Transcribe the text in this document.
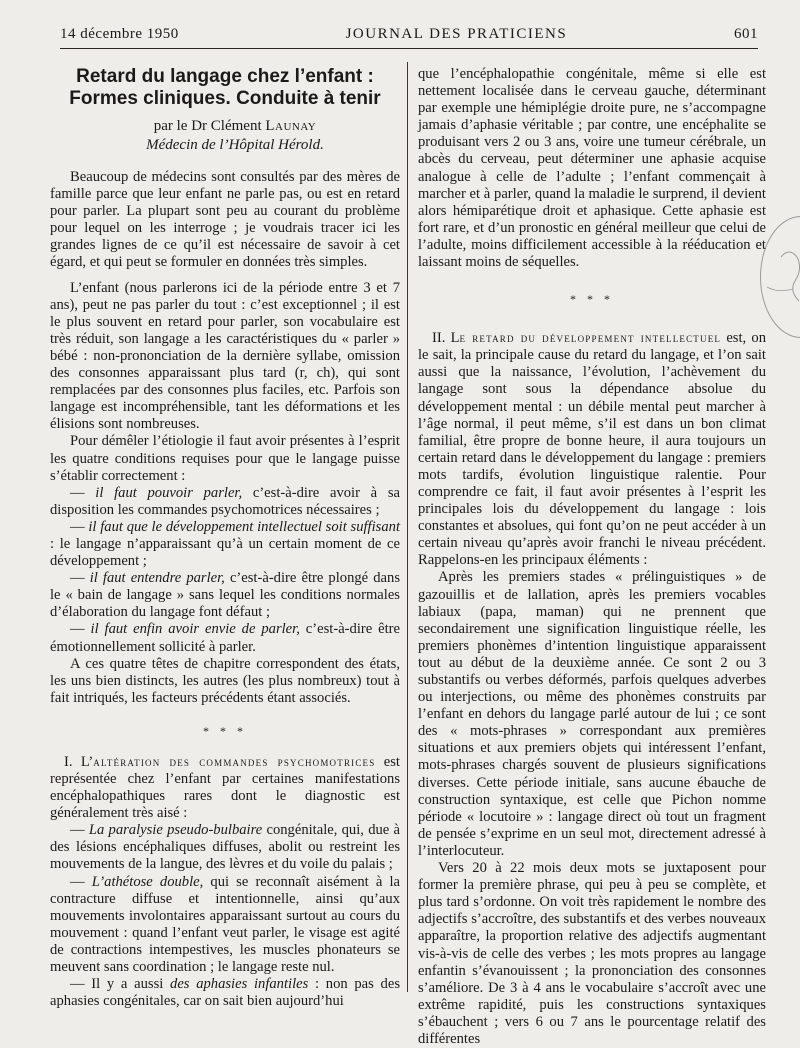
14 décembre 1950	JOURNAL DES PRATICIENS	601
Retard du langage chez l’enfant :
Formes cliniques. Conduite à tenir

par le Dr Clément Launay

Médecin de l’Hôpital Hérold.

Beaucoup de médecins sont consultés par des mères de famille parce que leur enfant ne parle pas, ou est en retard pour parler. La plupart sont peu au courant du problème pour lequel on les interroge ; je voudrais tracer ici les grandes lignes de ce qu’il est nécessaire de savoir à cet égard, et qui peut se formuler en données très simples.

L’enfant (nous parlerons ici de la période entre 3 et 7 ans), peut ne pas parler du tout : c’est exceptionnel ; il est le plus souvent en retard pour parler, son vocabulaire est très réduit, son langage a les caractéristiques du « parler » bébé : non-prononciation de la dernière syllabe, omission des consonnes apparaissant plus tard (r, ch), qui sont remplacées par des consonnes plus faciles, etc. Parfois son langage est incompréhensible, tant les déformations et les élisions sont nombreuses.

Pour démêler l’étiologie il faut avoir présentes à l’esprit les quatre conditions requises pour que le langage puisse s’établir correctement :

— il faut pouvoir parler, c’est-à-dire avoir à sa disposition les commandes psychomotrices nécessaires ;

— il faut que le développement intellectuel soit suffisant : le langage n’apparaissant qu’à un certain moment de ce développement ;

— il faut entendre parler, c’est-à-dire être plongé dans le « bain de langage » sans lequel les conditions normales d’élaboration du langage font défaut ;

— il faut enfin avoir envie de parler, c’est-à-dire être émotionnellement sollicité à parler.

A ces quatre têtes de chapitre correspondent des états, les uns bien distincts, les autres (les plus nombreux) tout à fait intriqués, les facteurs précédents étant associés.

* * *

I. L’altération des commandes psychomotrices est représentée chez l’enfant par certaines manifestations encéphalopathiques rares dont le diagnostic est généralement très aisé :

— La paralysie pseudo-bulbaire congénitale, qui, due à des lésions encéphaliques diffuses, abolit ou restreint les mouvements de la langue, des lèvres et du voile du palais ;

— L’athétose double, qui se reconnaît aisément à la contracture diffuse et intentionnelle, ainsi qu’aux mouvements involontaires apparaissant surtout au cours du mouvement : quand l’enfant veut parler, le visage est agité de contractions intempestives, les muscles phonateurs se meuvent sans coordination ; le langage reste nul.

— Il y a aussi des aphasies infantiles : non pas des aphasies congénitales, car on sait bien aujourd’hui

que l’encéphalopathie congénitale, même si elle est nettement localisée dans le cerveau gauche, déterminant par exemple une hémiplégie droite pure, ne s’accompagne jamais d’aphasie véritable ; par contre, une encéphalite se produisant vers 2 ou 3 ans, voire une tumeur cérébrale, un abcès du cerveau, peut déterminer une aphasie acquise analogue à celle de l’adulte ; l’enfant commençait à marcher et à parler, quand la maladie le surprend, il devient alors hémiparétique droit et aphasique. Cette aphasie est fort rare, et d’un pronostic en général meilleur que celui de l’adulte, moins difficilement accessible à la rééducation et laissant moins de séquelles.

* * *

II. Le retard du développement intellectuel est, on le sait, la principale cause du retard du langage, et l’on sait aussi que la naissance, l’évolution, l’achèvement du langage sont sous la dépendance absolue du développement mental : un débile mental peut marcher à l’âge normal, il peut même, s’il est dans un bon climat familial, être propre de bonne heure, il aura toujours un certain retard dans le développement du langage : premiers mots tardifs, évolution linguistique ralentie. Pour comprendre ce fait, il faut avoir présentes à l’esprit les principales lois du développement du langage : lois constantes et absolues, qui font qu’on ne peut accéder à un certain niveau qu’après avoir franchi le niveau précédent. Rappelons-en les principaux éléments :

Après les premiers stades « prélinguistiques » de gazouillis et de lallation, après les premiers vocables labiaux (papa, maman) qui ne prennent que secondairement une signification linguistique réelle, les premiers phonèmes d’intention linguistique apparaissent tout au début de la deuxième année. Ce sont 2 ou 3 substantifs ou verbes déformés, parfois quelques adverbes ou interjections, ou même des phonèmes construits par l’enfant en dehors du langage parlé autour de lui ; ce sont des « mots-phrases » correspondant aux premières situations et aux premiers objets qui intéressent l’enfant, mots-phrases chargés souvent de plusieurs significations diverses. Cette période initiale, sans aucune ébauche de construction syntaxique, est celle que Pichon nomme période « locutoire » : langage direct où tout un fragment de pensée s’exprime en un seul mot, directement adressé à l’interlocuteur.

Vers 20 à 22 mois deux mots se juxtaposent pour former la première phrase, qui peu à peu se complète, et plus tard s’ordonne. On voit très rapidement le nombre des adjectifs s’accroître, des substantifs et des verbes nouveaux apparaître, la proportion relative des adjectifs augmentant vis-à-vis de celle des verbes ; les mots propres au langage enfantin s’évanouissent ; la prononciation des consonnes s’améliore. De 3 à 4 ans le vocabulaire s’accroît avec une extrême rapidité, puis les constructions syntaxiques s’ébauchent ; vers 6 ou 7 ans le pourcentage relatif des différentes
